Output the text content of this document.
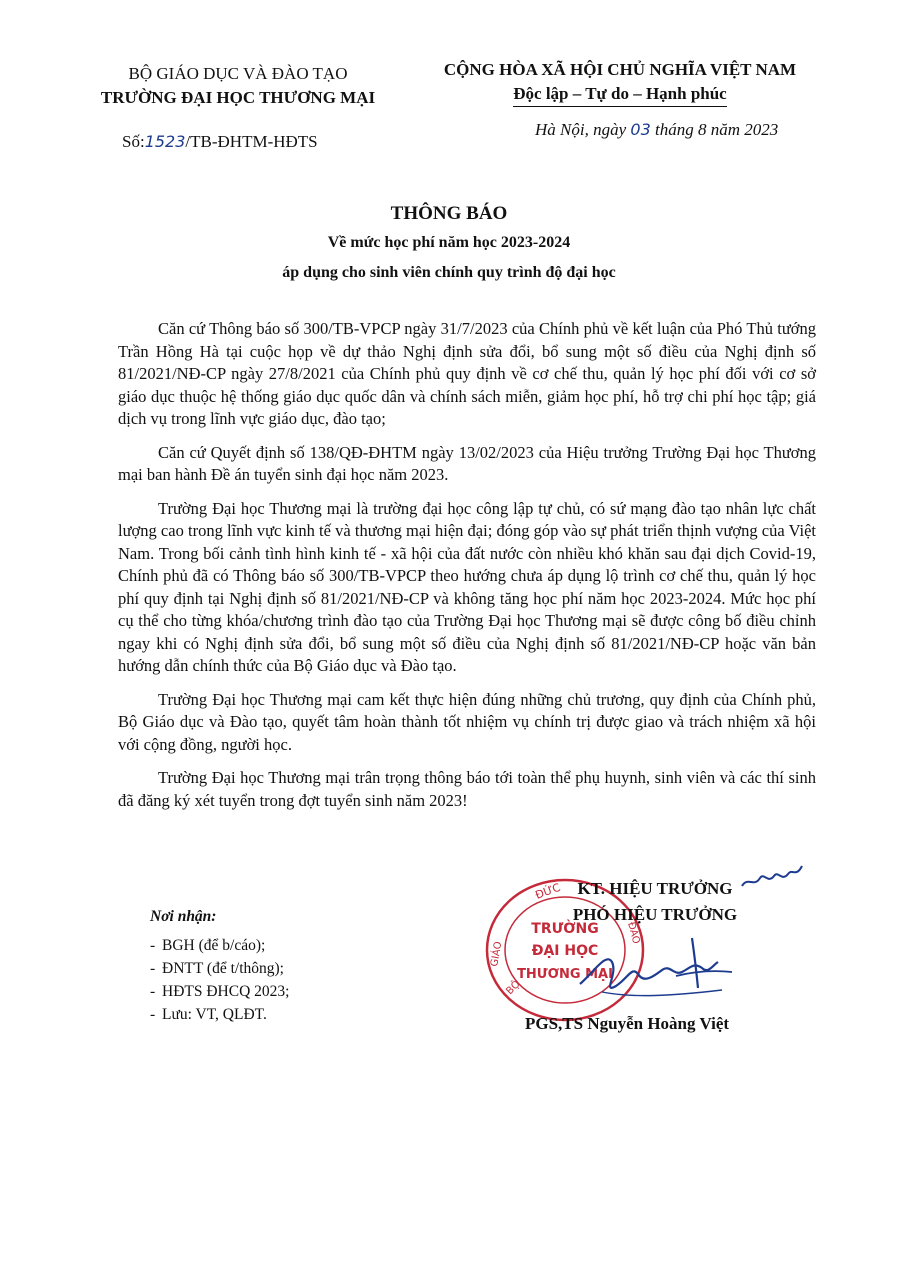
BỘ GIÁO DỤC VÀ ĐÀO TẠO
TRƯỜNG ĐẠI HỌC THƯƠNG MẠI
CỘNG HÒA XÃ HỘI CHỦ NGHĨA VIỆT NAM
Độc lập – Tự do – Hạnh phúc
Số:1523/TB-ĐHTM-HĐTS
Hà Nội, ngày 03 tháng 8 năm 2023
THÔNG BÁO
Về mức học phí năm học 2023-2024
áp dụng cho sinh viên chính quy trình độ đại học

Căn cứ Thông báo số 300/TB-VPCP ngày 31/7/2023 của Chính phủ về kết luận của Phó Thủ tướng Trần Hồng Hà tại cuộc họp về dự thảo Nghị định sửa đổi, bổ sung một số điều của Nghị định số 81/2021/NĐ-CP ngày 27/8/2021 của Chính phủ quy định về cơ chế thu, quản lý học phí đối với cơ sở giáo dục thuộc hệ thống giáo dục quốc dân và chính sách miễn, giảm học phí, hỗ trợ chi phí học tập; giá dịch vụ trong lĩnh vực giáo dục, đào tạo;

Căn cứ Quyết định số 138/QĐ-ĐHTM ngày 13/02/2023 của Hiệu trưởng Trường Đại học Thương mại ban hành Đề án tuyển sinh đại học năm 2023.

Trường Đại học Thương mại là trường đại học công lập tự chủ, có sứ mạng đào tạo nhân lực chất lượng cao trong lĩnh vực kinh tế và thương mại hiện đại; đóng góp vào sự phát triển thịnh vượng của Việt Nam. Trong bối cảnh tình hình kinh tế - xã hội của đất nước còn nhiều khó khăn sau đại dịch Covid-19, Chính phủ đã có Thông báo số 300/TB-VPCP theo hướng chưa áp dụng lộ trình cơ chế thu, quản lý học phí quy định tại Nghị định số 81/2021/NĐ-CP và không tăng học phí năm học 2023-2024. Mức học phí cụ thể cho từng khóa/chương trình đào tạo của Trường Đại học Thương mại sẽ được công bố điều chỉnh ngay khi có Nghị định sửa đổi, bổ sung một số điều của Nghị định số 81/2021/NĐ-CP hoặc văn bản hướng dẫn chính thức của Bộ Giáo dục và Đào tạo.

Trường Đại học Thương mại cam kết thực hiện đúng những chủ trương, quy định của Chính phủ, Bộ Giáo dục và Đào tạo, quyết tâm hoàn thành tốt nhiệm vụ chính trị được giao và trách nhiệm xã hội với cộng đồng, người học.

Trường Đại học Thương mại trân trọng thông báo tới toàn thể phụ huynh, sinh viên và các thí sinh đã đăng ký xét tuyển trong đợt tuyển sinh năm 2023!

Nơi nhận:
- BGH (để b/cáo);
- ĐNTT (để t/thông);
- HĐTS ĐHCQ 2023;
- Lưu: VT, QLĐT.
ĐỨC
GIÁO
ĐÀO
BỘ
TRƯỜNG
ĐẠI HỌC
THƯƠNG MẠI
KT. HIỆU TRƯỞNG
PHÓ HIỆU TRƯỞNG
PGS,TS Nguyễn Hoàng Việt
